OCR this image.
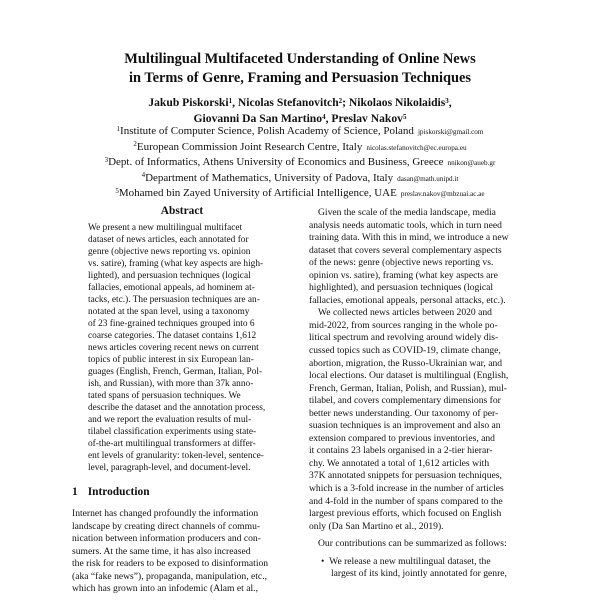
Multilingual Multifaceted Understanding of Online News
in Terms of Genre, Framing and Persuasion Techniques
Jakub Piskorski$^1$, Nicolas Stefanovitch$^2$; Nikolaos Nikolaidis$^3$,
Giovanni Da San Martino$^4$, Preslav Nakov$^5$
$^1$Institute of Computer Science, Polish Academy of Science, Poland jpiskorski@gmail.com
$^2$European Commission Joint Research Centre, Italy nicolas.stefanovitch@ec.europa.eu
$^3$Dept. of Informatics, Athens University of Economics and Business, Greece nnikon@aueb.gr
$^4$Department of Mathematics, University of Padova, Italy dasan@math.unipd.it
$^5$Mohamed bin Zayed University of Artificial Intelligence, UAE preslav.nakov@mbzuai.ac.ae
Abstract
We present a new multilingual multifacet
dataset of news articles, each annotated for
genre (objective news reporting vs. opinion
vs. satire), framing (what key aspects are high-
lighted), and persuasion techniques (logical
fallacies, emotional appeals, ad hominem at-
tacks, etc.). The persuasion techniques are an-
notated at the span level, using a taxonomy
of 23 fine-grained techniques grouped into 6
coarse categories. The dataset contains 1,612
news articles covering recent news on current
topics of public interest in six European lan-
guages (English, French, German, Italian, Pol-
ish, and Russian), with more than 37k anno-
tated spans of persuasion techniques. We
describe the dataset and the annotation process,
and we report the evaluation results of mul-
tilabel classification experiments using state-
of-the-art multilingual transformers at differ-
ent levels of granularity: token-level, sentence-
level, paragraph-level, and document-level.
1 Introduction
Internet has changed profoundly the information
landscape by creating direct channels of commu-
nication between information producers and con-
sumers. At the same time, it has also increased
the risk for readers to be exposed to disinformation
(aka “fake news”), propaganda, manipulation, etc.,
which has grown into an infodemic (Alam et al.,
Given the scale of the media landscape, media
analysis needs automatic tools, which in turn need
training data. With this in mind, we introduce a new
dataset that covers several complementary aspects
of the news: genre (objective news reporting vs.
opinion vs. satire), framing (what key aspects are
highlighted), and persuasion techniques (logical
fallacies, emotional appeals, personal attacks, etc.).
We collected news articles between 2020 and
mid-2022, from sources ranging in the whole po-
litical spectrum and revolving around widely dis-
cussed topics such as COVID-19, climate change,
abortion, migration, the Russo-Ukrainian war, and
local elections. Our dataset is multilingual (English,
French, German, Italian, Polish, and Russian), mul-
tilabel, and covers complementary dimensions for
better news understanding. Our taxonomy of per-
suasion techniques is an improvement and also an
extension compared to previous inventories, and
it contains 23 labels organised in a 2-tier hierar-
chy. We annotated a total of 1,612 articles with
37K annotated snippets for persuasion techniques,
which is a 3-fold increase in the number of articles
and 4-fold in the number of spans compared to the
largest previous efforts, which focused on English
only (Da San Martino et al., 2019).
Our contributions can be summarized as follows:
• We release a new multilingual dataset, the
largest of its kind, jointly annotated for genre,
